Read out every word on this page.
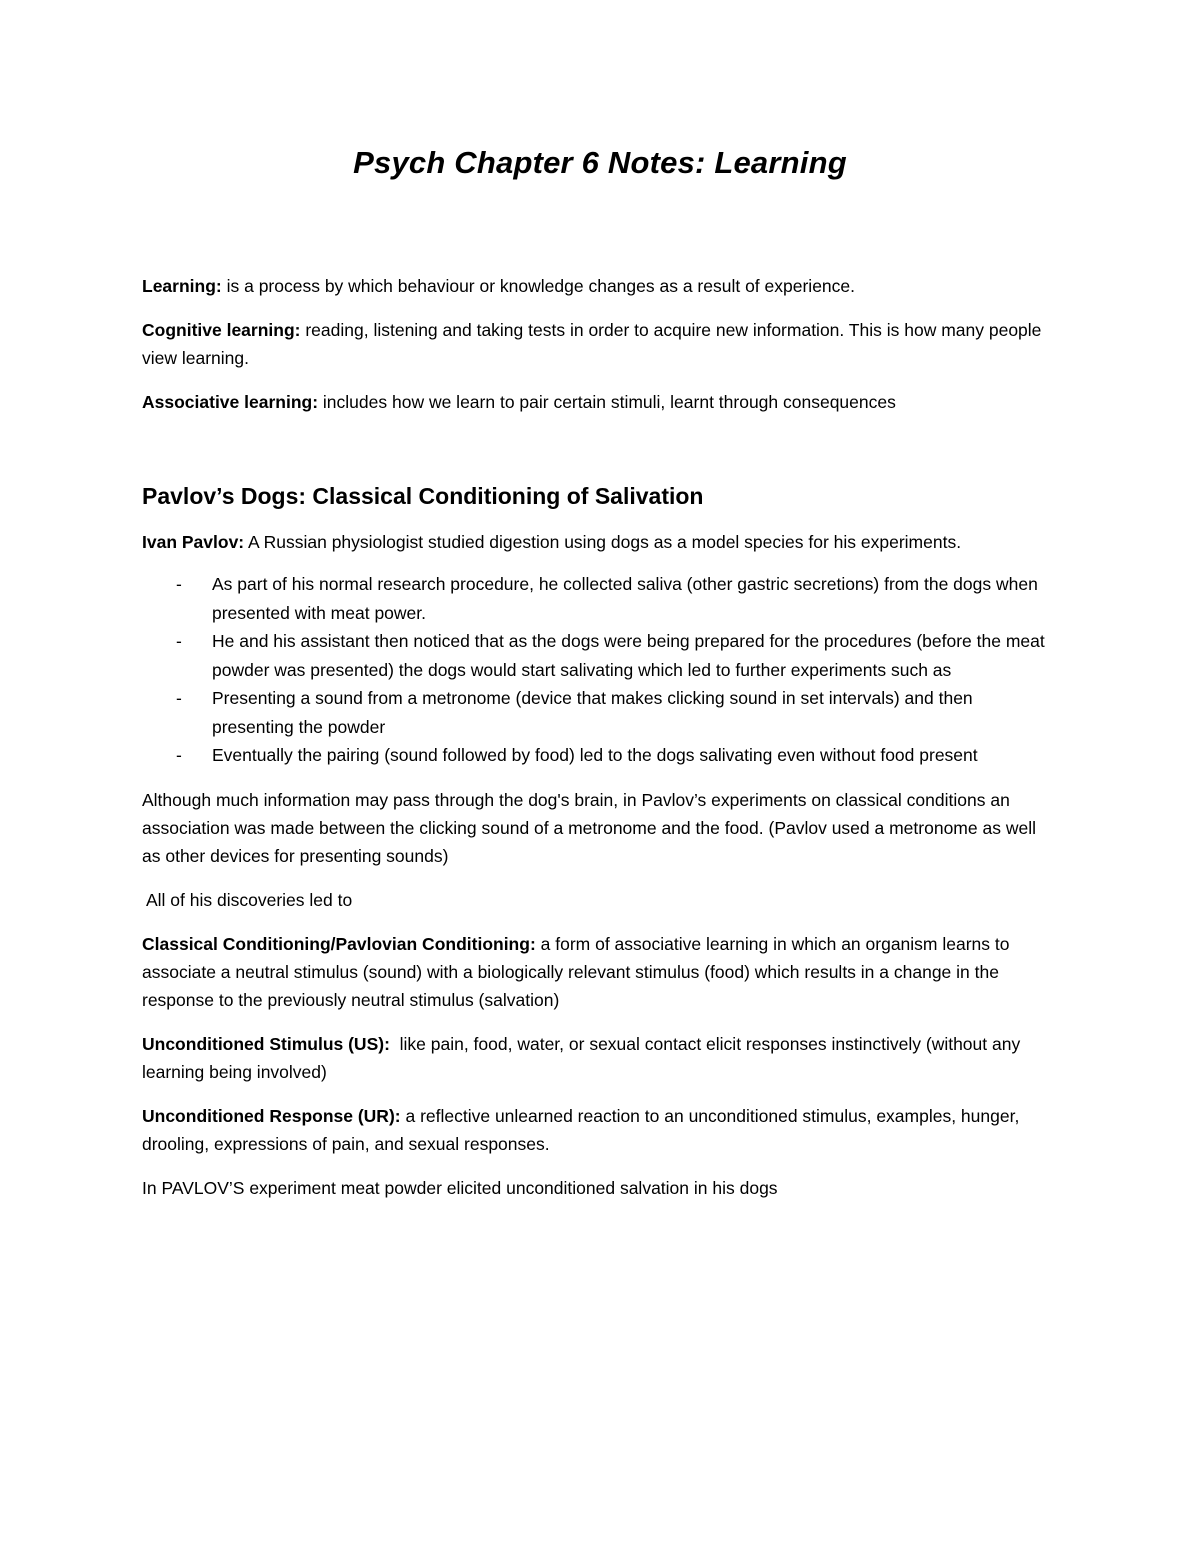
Psych Chapter 6 Notes: Learning

Learning: is a process by which behaviour or knowledge changes as a result of experience.

Cognitive learning: reading, listening and taking tests in order to acquire new information. This is how many people view learning.

Associative learning: includes how we learn to pair certain stimuli, learnt through consequences

Pavlov’s Dogs: Classical Conditioning of Salivation

Ivan Pavlov: A Russian physiologist studied digestion using dogs as a model species for his experiments.

- As part of his normal research procedure, he collected saliva (other gastric secretions) from the dogs when presented with meat power.
- He and his assistant then noticed that as the dogs were being prepared for the procedures (before the meat powder was presented) the dogs would start salivating which led to further experiments such as
- Presenting a sound from a metronome (device that makes clicking sound in set intervals) and then presenting the powder
- Eventually the pairing (sound followed by food) led to the dogs salivating even without food present

Although much information may pass through the dog's brain, in Pavlov’s experiments on classical conditions an association was made between the clicking sound of a metronome and the food. (Pavlov used a metronome as well as other devices for presenting sounds)

All of his discoveries led to

Classical Conditioning/Pavlovian Conditioning: a form of associative learning in which an organism learns to associate a neutral stimulus (sound) with a biologically relevant stimulus (food) which results in a change in the response to the previously neutral stimulus (salvation)

Unconditioned Stimulus (US):  like pain, food, water, or sexual contact elicit responses instinctively (without any learning being involved)

Unconditioned Response (UR): a reflective unlearned reaction to an unconditioned stimulus, examples, hunger, drooling, expressions of pain, and sexual responses.

In PAVLOV’S experiment meat powder elicited unconditioned salvation in his dogs
